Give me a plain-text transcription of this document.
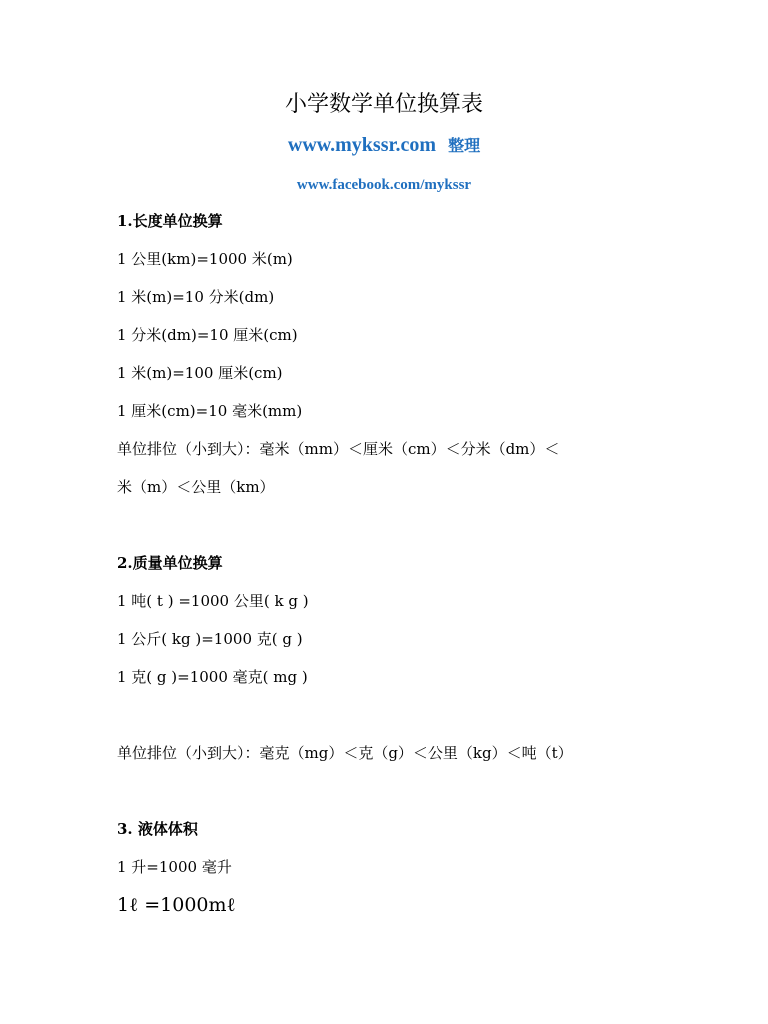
小学数学单位换算表
www.mykssr.com 整理
www.facebook.com/mykssr
1.长度单位换算
1 公里(km)=1000 米(m)
1 米(m)=10 分米(dm)
1 分米(dm)=10 厘米(cm)
1 米(m)=100 厘米(cm)
1 厘米(cm)=10 毫米(mm)
单位排位（小到大）：毫米（mm）＜厘米（cm）＜分米（dm）＜
米（m）＜公里（km）
2.质量单位换算
1 吨( t ) =1000 公里( k g )
1 公斤( kg )=1000 克( g )
1 克( g )=1000 毫克( mg )
单位排位（小到大）：毫克（mg）＜克（g）＜公里（kg）＜吨（t）
3. 液体体积
1 升=1000 毫升
1ℓ =1000mℓ
